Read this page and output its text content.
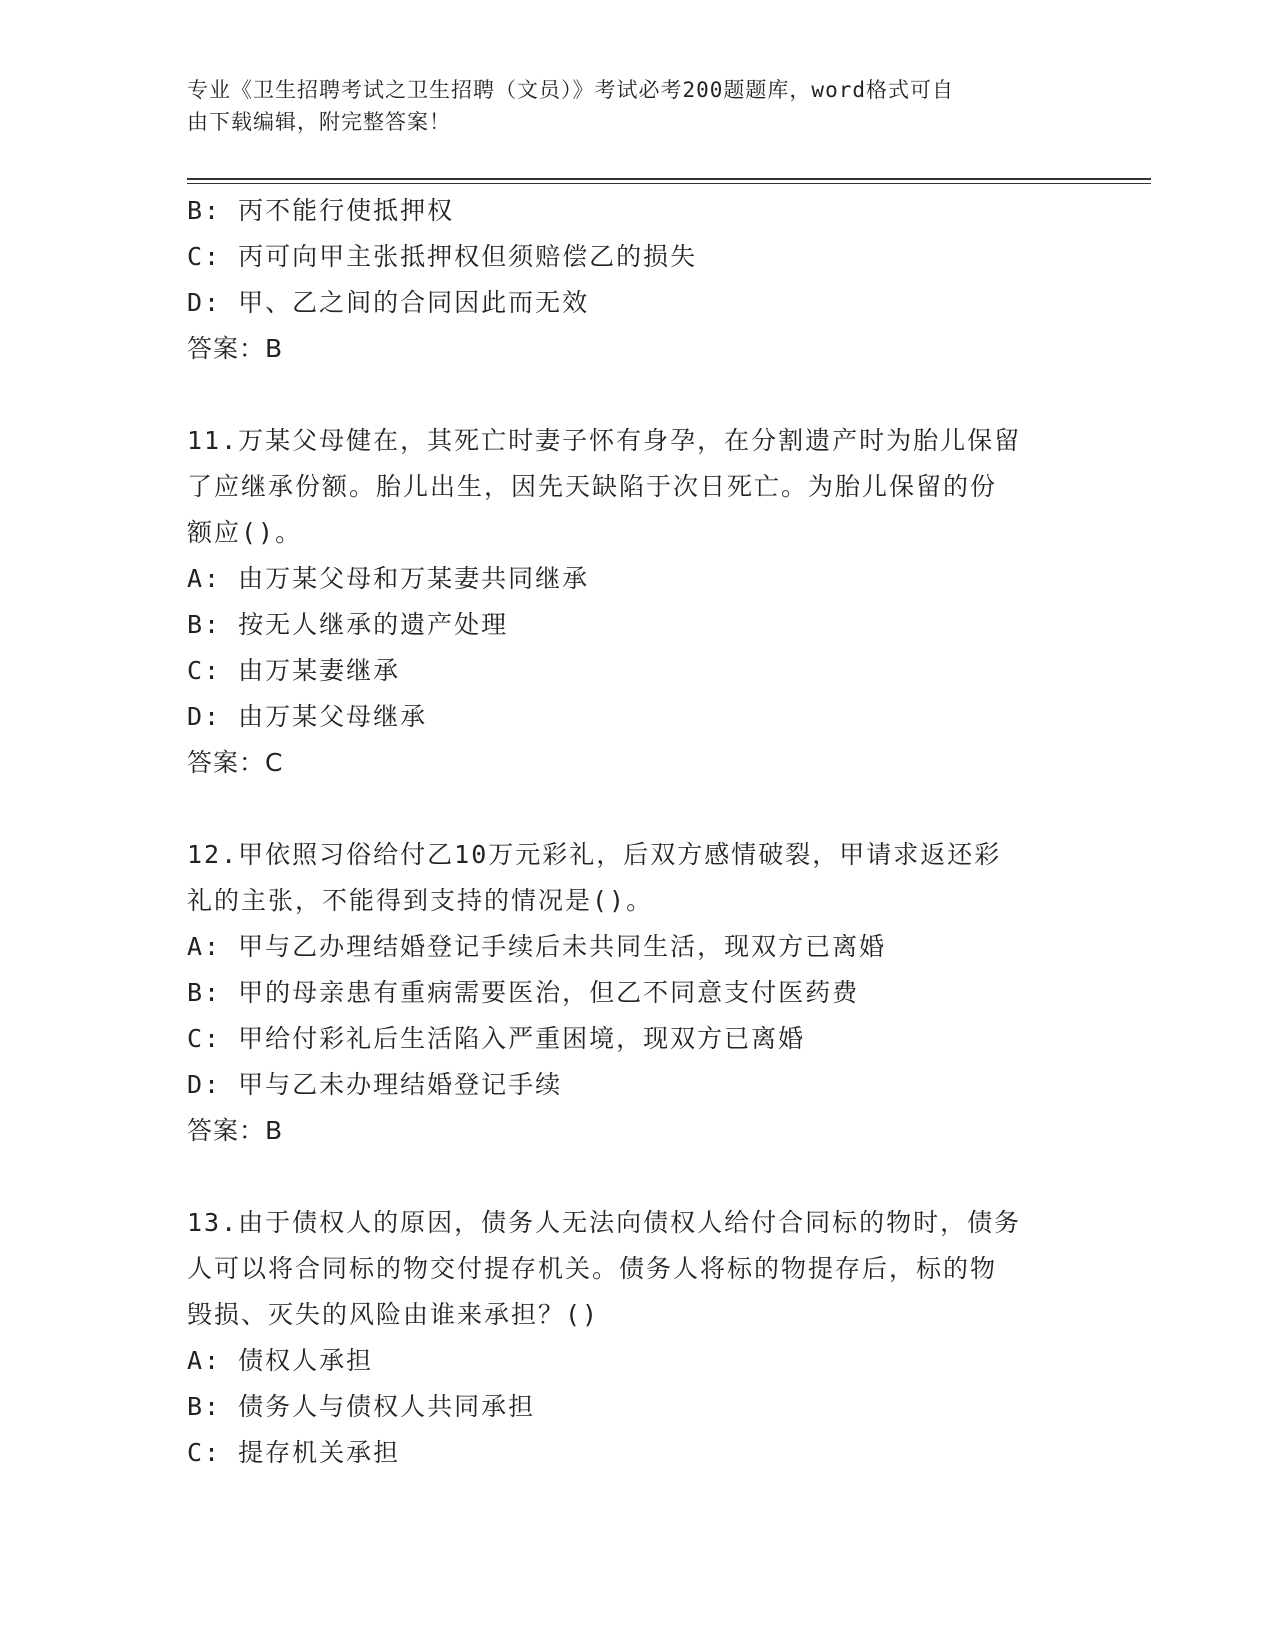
专业《卫生招聘考试之卫生招聘（文员）》考试必考200题题库，word格式可自
由下载编辑，附完整答案！
B: 丙不能行使抵押权
C: 丙可向甲主张抵押权但须赔偿乙的损失
D: 甲、乙之间的合同因此而无效
答案：B
11.万某父母健在，其死亡时妻子怀有身孕，在分割遗产时为胎儿保留
了应继承份额。胎儿出生，因先天缺陷于次日死亡。为胎儿保留的份
额应()。
A: 由万某父母和万某妻共同继承
B: 按无人继承的遗产处理
C: 由万某妻继承
D: 由万某父母继承
答案：C
12.甲依照习俗给付乙10万元彩礼，后双方感情破裂，甲请求返还彩
礼的主张，不能得到支持的情况是()。
A: 甲与乙办理结婚登记手续后未共同生活，现双方已离婚
B: 甲的母亲患有重病需要医治，但乙不同意支付医药费
C: 甲给付彩礼后生活陷入严重困境，现双方已离婚
D: 甲与乙未办理结婚登记手续
答案：B
13.由于债权人的原因，债务人无法向债权人给付合同标的物时，债务
人可以将合同标的物交付提存机关。债务人将标的物提存后，标的物
毁损、灭失的风险由谁来承担？()
A: 债权人承担
B: 债务人与债权人共同承担
C: 提存机关承担
